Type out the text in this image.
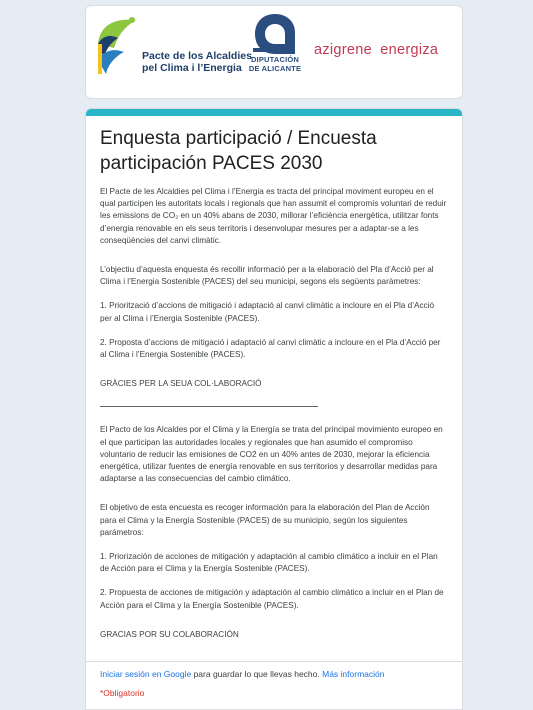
Pacte de los Alcaldies
pel Clima i l’Energia
DIPUTACIÓN
DE ALICANTE
azigrene  energiza
Enquesta participació / Encuesta participación PACES 2030

El Pacte de les Alcaldies pel Clima i l’Energia es tracta del principal moviment europeu en el qual participen les autoritats locals i regionals que han assumit el compromís voluntari de reduir les emissions de CO₂ en un 40% abans de 2030, millorar l’eficiència energètica, utilitzar fonts d’energia renovable en els seus territoris i desenvolupar mesures per a adaptar-se a les conseqüències del canvi climàtic.

L’objectiu d’aquesta enquesta és recollir informació per a la elaboració del Pla d’Acció per al Clima i l’Energia Sostenible (PACES) del seu municipi, segons els següents paràmetres:

1. Priorització d’accions de mitigació i adaptació al canvi climàtic a incloure en el Pla d’Acció per al Clima i l’Energia Sostenible (PACES).

2. Proposta d’accions de mitigació i adaptació al canvi climàtic a incloure en el Pla d’Acció per al Clima i l’Energia Sostenible (PACES).

GRÀCIES PER LA SEUA COL·LABORACIÓ

El Pacto de los Alcaldes por el Clima y la Energía se trata del principal movimiento europeo en el que participan las autoridades locales y regionales que han asumido el compromiso voluntario de reducir las emisiones de CO2 en un 40% antes de 2030, mejorar la eficiencia energética, utilizar fuentes de energía renovable en sus territorios y desarrollar medidas para adaptarse a las consecuencias del cambio climático.

El objetivo de esta encuesta es recoger información para la elaboración del Plan de Acción para el Clima y la Energía Sostenible (PACES) de su municipio, según los siguientes parámetros:

1. Priorización de acciones de mitigación y adaptación al cambio climático a incluir en el Plan de Acción para el Clima y la Energía Sostenible (PACES).

2. Propuesta de acciones de mitigación y adaptación al cambio climático a incluir en el Plan de Acción para el Clima y la Energía Sostenible (PACES).

GRACIAS POR SU COLABORACIÓN

Iniciar sesión en Google para guardar lo que llevas hecho. Más información
*Obligatorio
